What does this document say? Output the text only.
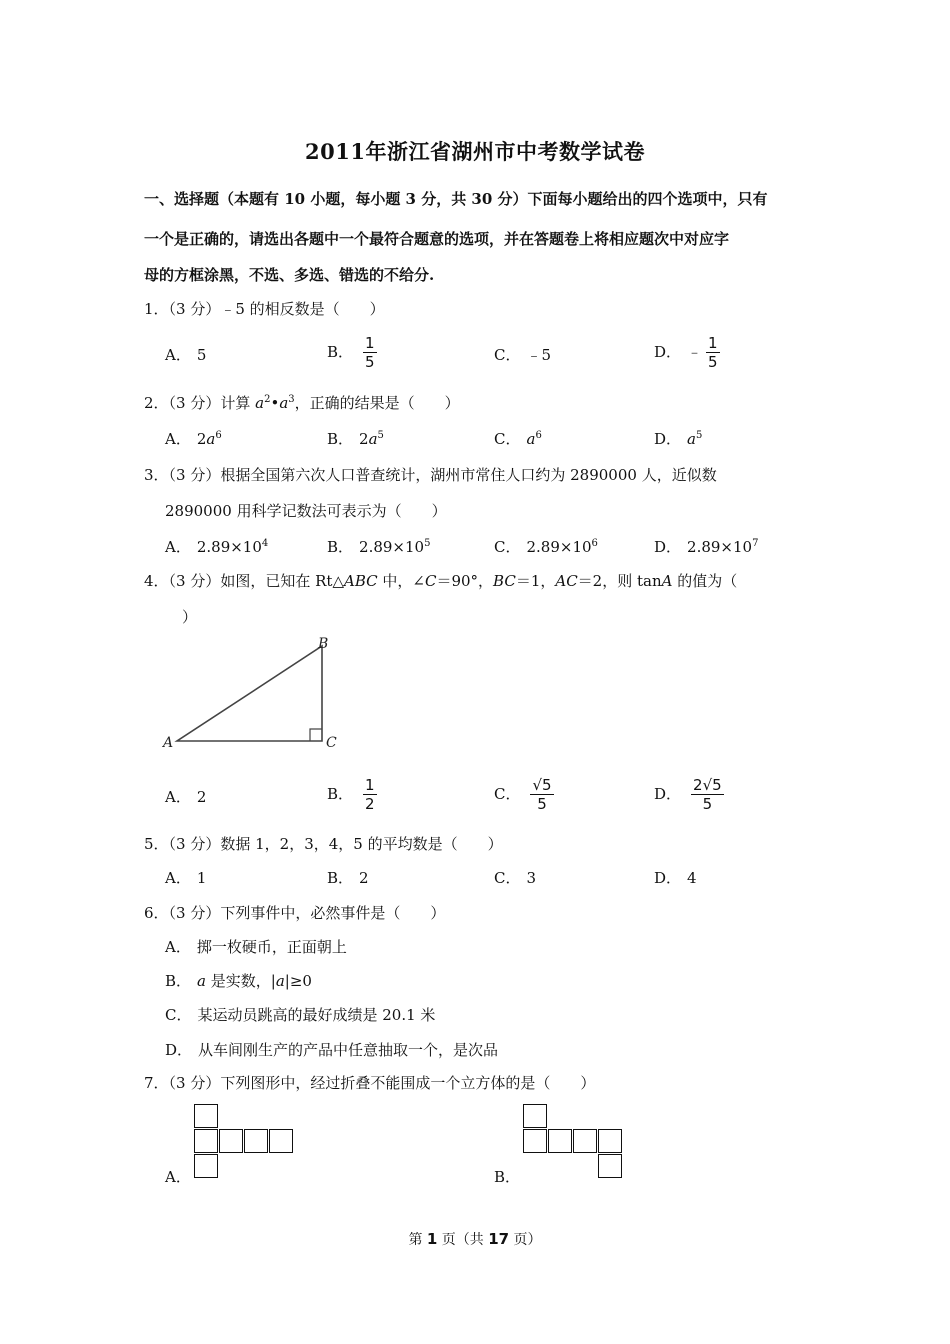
2011年浙江省湖州市中考数学试卷
一、选择题（本题有 10 小题，每小题 3 分，共 30 分）下面每小题给出的四个选项中，只有
一个是正确的，请选出各题中一个最符合题意的选项，并在答题卷上将相应题次中对应字
母的方框涂黑，不选、多选、错选的不给分.
1．（3 分）﹣5 的相反数是（　　）
A． 5	B． $\frac{1}{5}$	C． ﹣5	D． ﹣ $\frac{1}{5}$
2．（3 分）计算 $a^2•a^3$，正确的结果是（　　）
A． $2a^6$	B． $2a^5$	C． $a^6$	D． $a^5$
3．（3 分）根据全国第六次人口普查统计，湖州市常住人口约为 2890000 人，近似数
2890000 用科学记数法可表示为（　　）
A． $2.89\times 10^4$	B． $2.89\times 10^5$	C． $2.89\times 10^6$	D． $2.89\times 10^7$
4．（3 分）如图，已知在 Rt△ABC 中，∠C＝90°，BC＝1，AC＝2，则 tanA 的值为（
）
A
B
C
A． 2	B． $\frac{1}{2}$	C． $\frac{√5}{5}$	D． $\frac{2√5}{5}$
5．（3 分）数据 1，2，3，4，5 的平均数是（　　）
A． 1	B． 2	C． 3	D． 4
6．（3 分）下列事件中，必然事件是（　　）
A． 掷一枚硬币，正面朝上
B． a 是实数，|a|≥0
C． 某运动员跳高的最好成绩是 20.1 米
D． 从车间刚生产的产品中任意抽取一个，是次品
7．（3 分）下列图形中，经过折叠不能围成一个立方体的是（　　）
A．	B．
第 1 页（共 17 页）
